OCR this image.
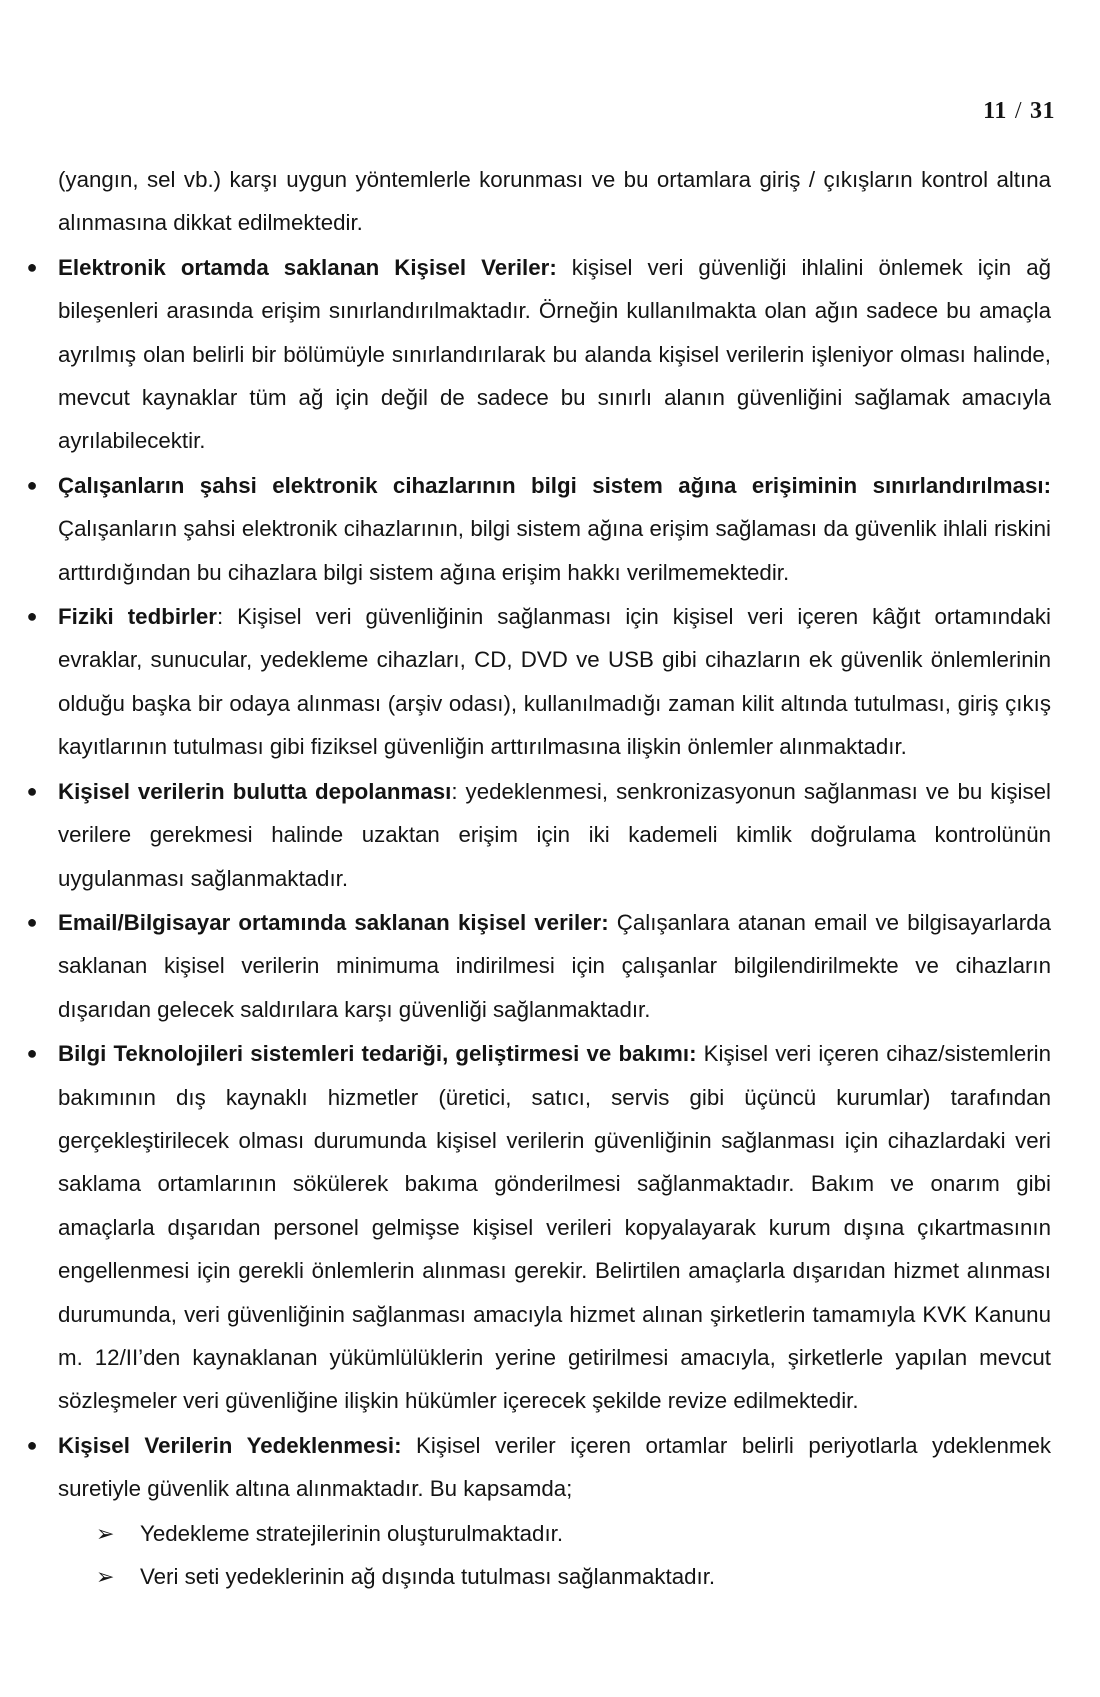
11 / 31

(yangın, sel vb.) karşı uygun yöntemlerle korunması ve bu ortamlara giriş / çıkışların kontrol altına alınmasına dikkat edilmektedir.

● Elektronik ortamda saklanan Kişisel Veriler: kişisel veri güvenliği ihlalini önlemek için ağ bileşenleri arasında erişim sınırlandırılmaktadır. Örneğin kullanılmakta olan ağın sadece bu amaçla ayrılmış olan belirli bir bölümüyle sınırlandırılarak bu alanda kişisel verilerin işleniyor olması halinde, mevcut kaynaklar tüm ağ için değil de sadece bu sınırlı alanın güvenliğini sağlamak amacıyla ayrılabilecektir.
● Çalışanların şahsi elektronik cihazlarının bilgi sistem ağına erişiminin sınırlandırılması: Çalışanların şahsi elektronik cihazlarının, bilgi sistem ağına erişim sağlaması da güvenlik ihlali riskini arttırdığından bu cihazlara bilgi sistem ağına erişim hakkı verilmemektedir.
● Fiziki tedbirler: Kişisel veri güvenliğinin sağlanması için kişisel veri içeren kâğıt ortamındaki evraklar, sunucular, yedekleme cihazları, CD, DVD ve USB gibi cihazların ek güvenlik önlemlerinin olduğu başka bir odaya alınması (arşiv odası), kullanılmadığı zaman kilit altında tutulması, giriş çıkış kayıtlarının tutulması gibi fiziksel güvenliğin arttırılmasına ilişkin önlemler alınmaktadır.
● Kişisel verilerin bulutta depolanması: yedeklenmesi, senkronizasyonun sağlanması ve bu kişisel verilere gerekmesi halinde uzaktan erişim için iki kademeli kimlik doğrulama kontrolünün uygulanması sağlanmaktadır.
● Email/Bilgisayar ortamında saklanan kişisel veriler: Çalışanlara atanan email ve bilgisayarlarda saklanan kişisel verilerin minimuma indirilmesi için çalışanlar bilgilendirilmekte ve cihazların dışarıdan gelecek saldırılara karşı güvenliği sağlanmaktadır.
● Bilgi Teknolojileri sistemleri tedariği, geliştirmesi ve bakımı: Kişisel veri içeren cihaz/sistemlerin bakımının dış kaynaklı hizmetler (üretici, satıcı, servis gibi üçüncü kurumlar) tarafından gerçekleştirilecek olması durumunda kişisel verilerin güvenliğinin sağlanması için cihazlardaki veri saklama ortamlarının sökülerek bakıma gönderilmesi sağlanmaktadır. Bakım ve onarım gibi amaçlarla dışarıdan personel gelmişse kişisel verileri kopyalayarak kurum dışına çıkartmasının engellenmesi için gerekli önlemlerin alınması gerekir. Belirtilen amaçlarla dışarıdan hizmet alınması durumunda, veri güvenliğinin sağlanması amacıyla hizmet alınan şirketlerin tamamıyla KVK Kanunu m. 12/II’den kaynaklanan yükümlülüklerin yerine getirilmesi amacıyla, şirketlerle yapılan mevcut sözleşmeler veri güvenliğine ilişkin hükümler içerecek şekilde revize edilmektedir.
● Kişisel Verilerin Yedeklenmesi: Kişisel veriler içeren ortamlar belirli periyotlarla ydeklenmek suretiyle güvenlik altına alınmaktadır. Bu kapsamda;
➢ Yedekleme stratejilerinin oluşturulmaktadır.
➢ Veri seti yedeklerinin ağ dışında tutulması sağlanmaktadır.
